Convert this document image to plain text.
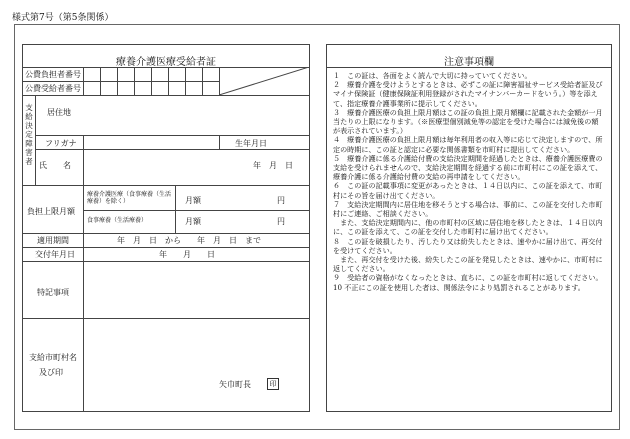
様式第7号（第5条関係）
療養介護医療受給者証
公費負担者番号
公費受給者番号
支給決定障害者
居住地
フリガナ	生年月日
氏　　名	年　月　日
負担上限月額
療養介護医療（食事療養（生活療養）を除く）	月額	円
食事療養（生活療養）	月額	円
適用期間	年　月　日　から　　年　月　日　まで
交付年月日	年　　月　　日
特記事項
支給市町村名
及び印
矢巾町長	印
注意事項欄

１　この証は、各面をよく読んで大切に持っていてください。

２　療養介護を受けようとするときは、必ずこの証に障害福祉サービス受給者証及びマイナ保険証（健康保険証利用登録がされたマイナンバーカードをいう。）等を添えて、指定療養介護事業所に提示してください。

３　療養介護医療の負担上限月額はこの証の負担上限月額欄に記載された金額が一月当たりの上限になります。（※医療型個別減免等の認定を受けた場合には減免後の額が表示されています。）

４　療養介護医療の負担上限月額は毎年利用者の収入等に応じて決定しますので、所定の時期に、この証と認定に必要な関係書類を市町村に提出してください。

５　療養介護に係る介護給付費の支給決定期間を経過したときは、療養介護医療費の支給を受けられませんので、支給決定期間を経過する前に市町村にこの証を添えて、療養介護に係る介護給付費の支給の再申請をしてください。

６　この証の記載事項に変更があったときは、１４日以内に、この証を添えて、市町村にその旨を届け出てください。

７　支給決定期間内に居住地を移そうとする場合は、事前に、この証を交付した市町村にご連絡、ご相談ください。

　また、支給決定期間内に、他の市町村の区域に居住地を移したときは、１４日以内に、この証を添えて、この証を交付した市町村に届け出てください。

８　この証を破損したり、汚したり又は紛失したときは、速やかに届け出て、再交付を受けてください。

　また、再交付を受けた後、紛失したこの証を発見したときは、速やかに、市町村に返してください。

９　受給者の資格がなくなったときは、直ちに、この証を市町村に返してください。

10 不正にこの証を使用した者は、関係法令により処罰されることがあります。
